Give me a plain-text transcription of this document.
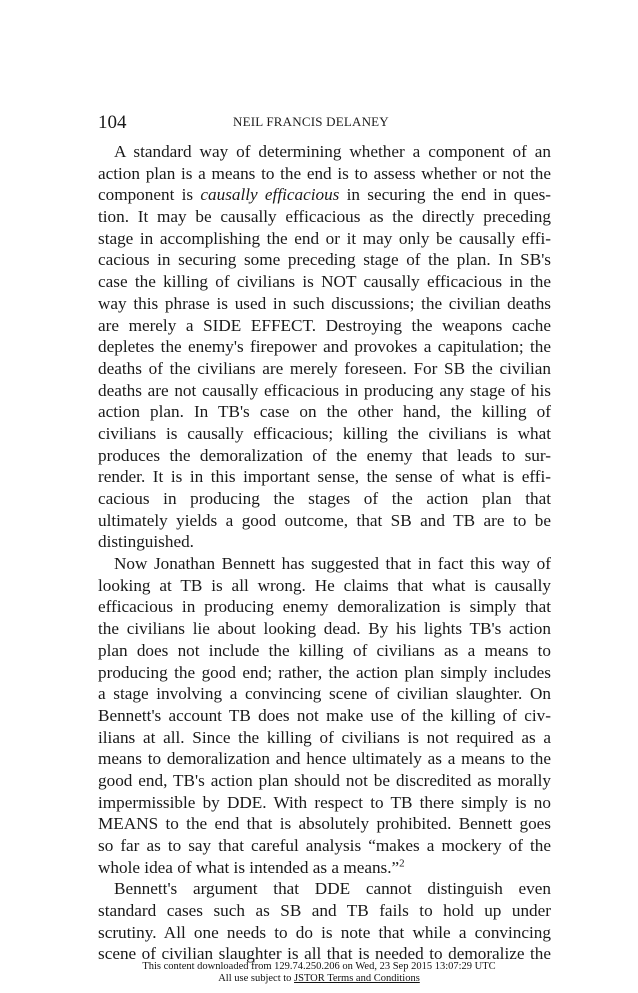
104	NEIL FRANCIS DELANEY
A standard way of determining whether a component of an
action plan is a means to the end is to assess whether or not the
component is causally efficacious in securing the end in ques-
tion. It may be causally efficacious as the directly preceding
stage in accomplishing the end or it may only be causally effi-
cacious in securing some preceding stage of the plan. In SB's
case the killing of civilians is NOT causally efficacious in the
way this phrase is used in such discussions; the civilian deaths
are merely a SIDE EFFECT. Destroying the weapons cache
depletes the enemy's firepower and provokes a capitulation; the
deaths of the civilians are merely foreseen. For SB the civilian
deaths are not causally efficacious in producing any stage of his
action plan. In TB's case on the other hand, the killing of
civilians is causally efficacious; killing the civilians is what
produces the demoralization of the enemy that leads to sur-
render. It is in this important sense, the sense of what is effi-
cacious in producing the stages of the action plan that
ultimately yields a good outcome, that SB and TB are to be
distinguished.
Now Jonathan Bennett has suggested that in fact this way of
looking at TB is all wrong. He claims that what is causally
efficacious in producing enemy demoralization is simply that
the civilians lie about looking dead. By his lights TB's action
plan does not include the killing of civilians as a means to
producing the good end; rather, the action plan simply includes
a stage involving a convincing scene of civilian slaughter. On
Bennett's account TB does not make use of the killing of civ-
ilians at all. Since the killing of civilians is not required as a
means to demoralization and hence ultimately as a means to the
good end, TB's action plan should not be discredited as morally
impermissible by DDE. With respect to TB there simply is no
MEANS to the end that is absolutely prohibited. Bennett goes
so far as to say that careful analysis “makes a mockery of the
whole idea of what is intended as a means.”$^2$
Bennett's argument that DDE cannot distinguish even
standard cases such as SB and TB fails to hold up under
scrutiny. All one needs to do is note that while a convincing
scene of civilian slaughter is all that is needed to demoralize the
This content downloaded from 129.74.250.206 on Wed, 23 Sep 2015 13:07:29 UTC
All use subject to JSTOR Terms and Conditions
